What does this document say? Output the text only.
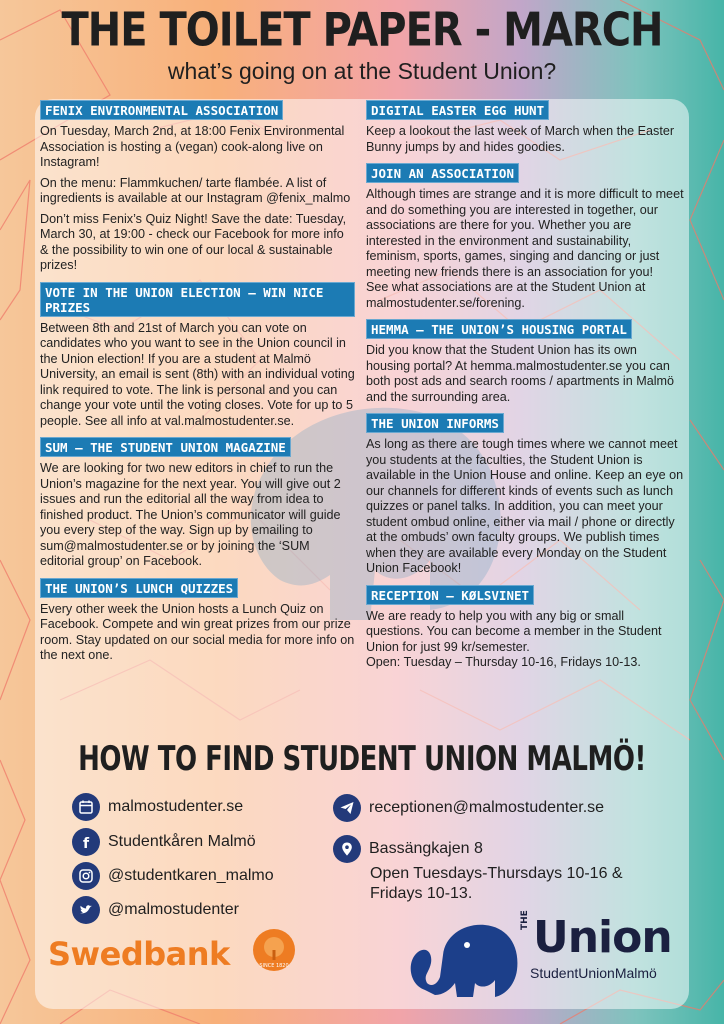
THE TOILET PAPER - MARCH
what’s going on at the Student Union?
FENIX ENVIRONMENTAL ASSOCIATION

On Tuesday, March 2nd, at 18:00 Fenix Environmental Association is hosting a (vegan) cook-along live on Instagram!

On the menu: Flammkuchen/ tarte flambée. A list of ingredients is available at our Instagram @fenix_malmo

Don’t miss Fenix’s Quiz Night! Save the date: Tuesday, March 30, at 19:00 - check our Facebook for more info & the possibility to win one of our local & sustainable prizes!

VOTE IN THE UNION ELECTION – WIN NICE PRIZES

Between 8th and 21st of March you can vote on candidates who you want to see in the Union council in the Union election! If you are a student at Malmö University, an email is sent (8th) with an individual voting link required to vote. The link is personal and you can change your vote until the voting closes. Vote for up to 5 people. See all info at val.malmostudenter.se.

SUM – THE STUDENT UNION MAGAZINE

We are looking for two new editors in chief to run the Union’s magazine for the next year. You will give out 2 issues and run the editorial all the way from idea to finished product. The Union’s communicator will guide you every step of the way. Sign up by emailing to sum@malmostudenter.se or by joining the ‘SUM editorial group’ on Facebook.

THE UNION’S LUNCH QUIZZES

Every other week the Union hosts a Lunch Quiz on Facebook. Compete and win great prizes from our prize room. Stay updated on our social media for more info on the next one.

DIGITAL EASTER EGG HUNT

Keep a lookout the last week of March when the Easter Bunny jumps by and hides goodies.

JOIN AN ASSOCIATION

Although times are strange and it is more difficult to meet and do something you are interested in together, our associations are there for you. Whether you are interested in the environment and sustainability, feminism, sports, games, singing and dancing or just meeting new friends there is an association for you!
See what associations are at the Student Union at malmostudenter.se/forening.

HEMMA – THE UNION’S HOUSING PORTAL

Did you know that the Student Union has its own housing portal? At hemma.malmostudenter.se you can both post ads and search rooms / apartments in Malmö and the surrounding area.

THE UNION INFORMS

As long as there are tough times where we cannot meet you students at the faculties, the Student Union is available in the Union House and online. Keep an eye on our channels for different kinds of events such as lunch quizzes or panel talks. In addition, you can meet your student ombud online, either via mail / phone or directly at the ombuds’ own faculty groups. We publish times when they are available every Monday on the Student Union Facebook!

RECEPTION – KØLSVINET

We are ready to help you with any big or small questions. You can become a member in the Student Union for just 99 kr/semester.
Open: Tuesday – Thursday 10-16, Fridays 10-13.

HOW TO FIND STUDENT UNION MALMÖ!
malmostudenter.se
f Studentkåren Malmö
@studentkaren_malmo
@malmostudenter
receptionen@malmostudenter.se
Bassängkajen 8
Open Tuesdays-Thursdays 10-16 & Fridays 10-13.
Swedbank	SINCE 1820
THE Union
StudentUnionMalmö
